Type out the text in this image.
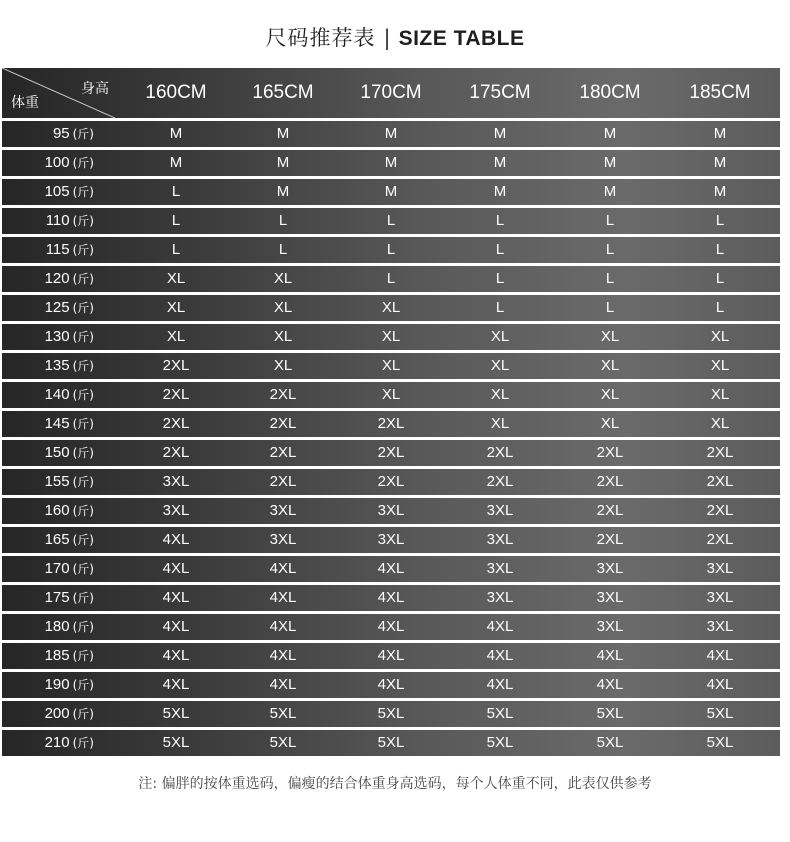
尺码推荐表 | SIZE TABLE
身高
体重	160CM	165CM	170CM	175CM	180CM	185CM
95 (斤)	M	M	M	M	M	M
100 (斤)	M	M	M	M	M	M
105 (斤)	L	M	M	M	M	M
110 (斤)	L	L	L	L	L	L
115 (斤)	L	L	L	L	L	L
120 (斤)	XL	XL	L	L	L	L
125 (斤)	XL	XL	XL	L	L	L
130 (斤)	XL	XL	XL	XL	XL	XL
135 (斤)	2XL	XL	XL	XL	XL	XL
140 (斤)	2XL	2XL	XL	XL	XL	XL
145 (斤)	2XL	2XL	2XL	XL	XL	XL
150 (斤)	2XL	2XL	2XL	2XL	2XL	2XL
155 (斤)	3XL	2XL	2XL	2XL	2XL	2XL
160 (斤)	3XL	3XL	3XL	3XL	2XL	2XL
165 (斤)	4XL	3XL	3XL	3XL	2XL	2XL
170 (斤)	4XL	4XL	4XL	3XL	3XL	3XL
175 (斤)	4XL	4XL	4XL	3XL	3XL	3XL
180 (斤)	4XL	4XL	4XL	4XL	3XL	3XL
185 (斤)	4XL	4XL	4XL	4XL	4XL	4XL
190 (斤)	4XL	4XL	4XL	4XL	4XL	4XL
200 (斤)	5XL	5XL	5XL	5XL	5XL	5XL
210 (斤)	5XL	5XL	5XL	5XL	5XL	5XL
注: 偏胖的按体重选码，偏瘦的结合体重身高选码，每个人体重不同，此表仅供参考
